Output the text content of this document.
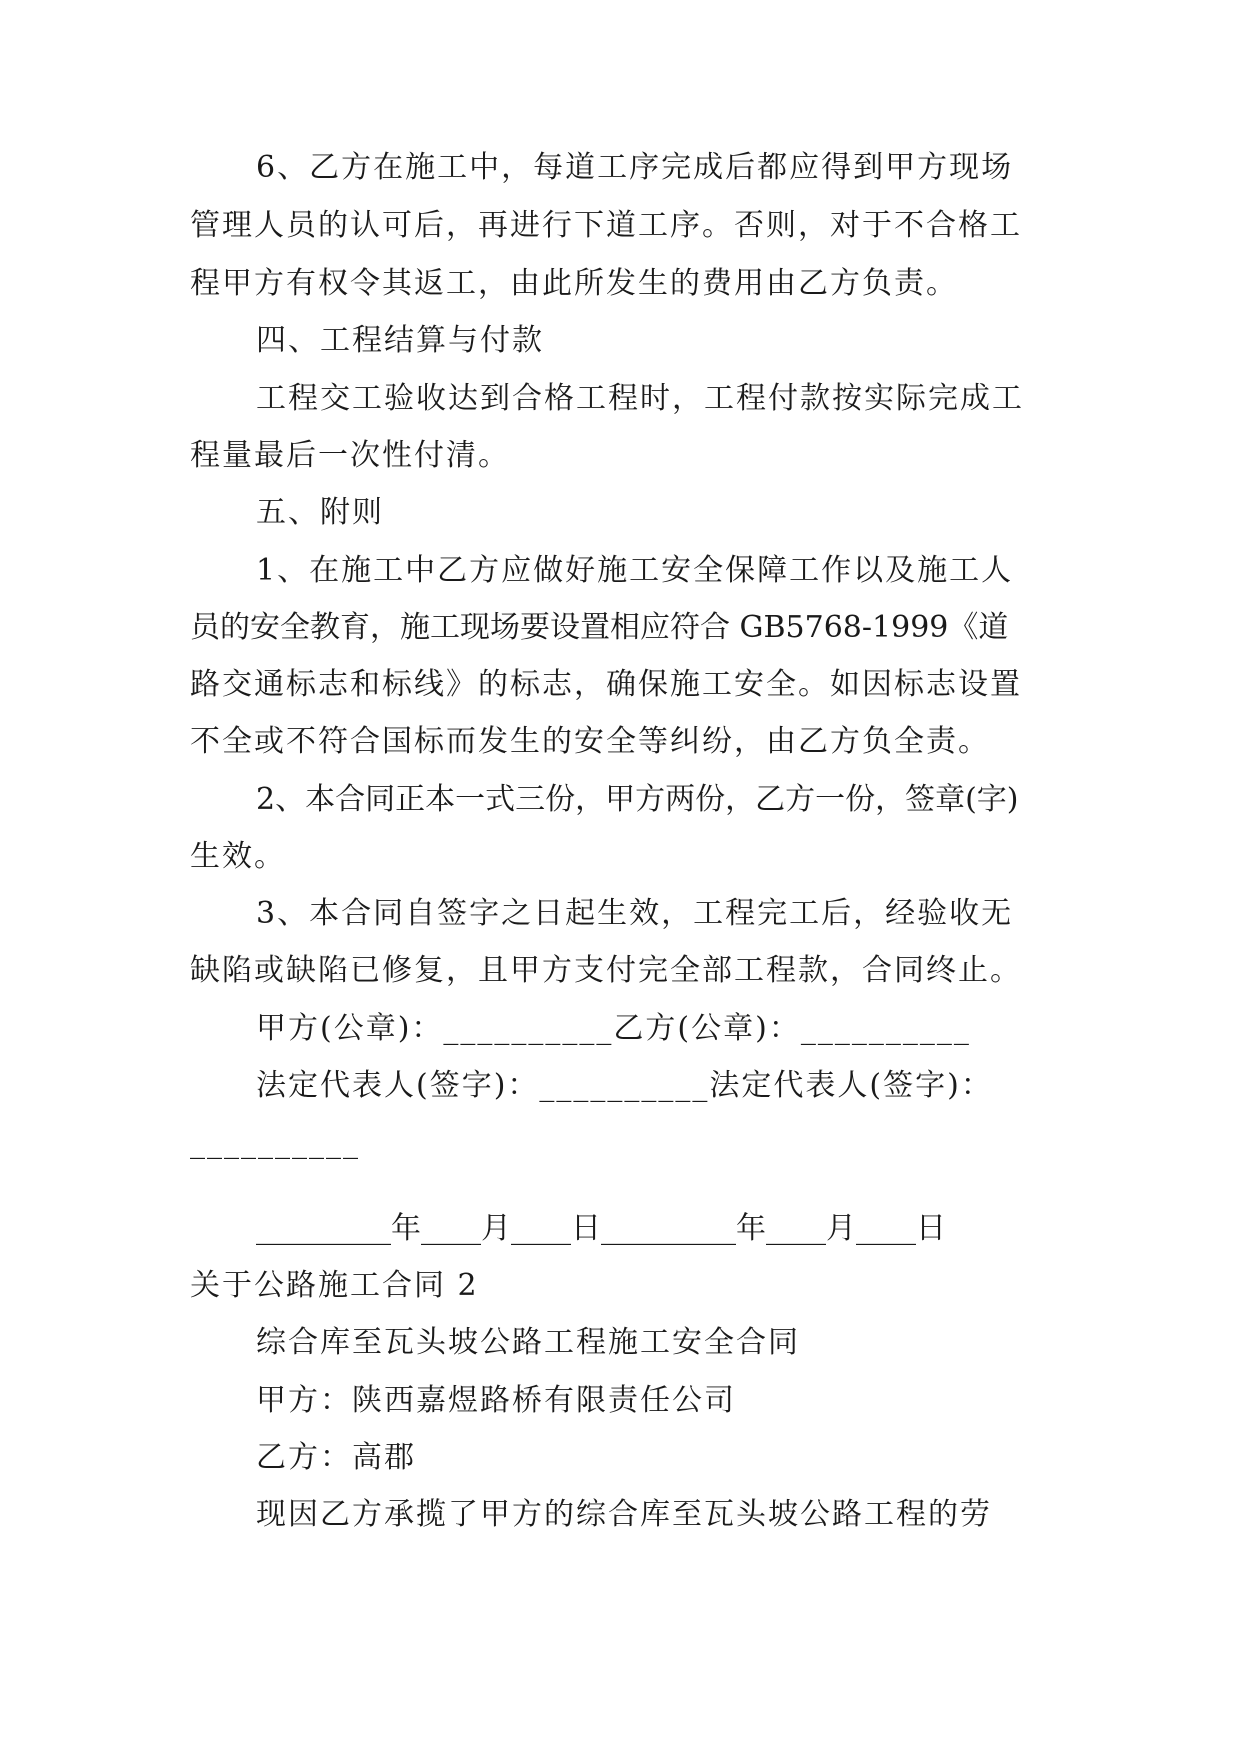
6、乙方在施工中，每道工序完成后都应得到甲方现场
管理人员的认可后，再进行下道工序。否则，对于不合格工
程甲方有权令其返工，由此所发生的费用由乙方负责。
四、工程结算与付款
工程交工验收达到合格工程时，工程付款按实际完成工
程量最后一次性付清。
五、附则
1、在施工中乙方应做好施工安全保障工作以及施工人
员的安全教育，施工现场要设置相应符合 GB5768-1999《道
路交通标志和标线》的标志，确保施工安全。如因标志设置
不全或不符合国标而发生的安全等纠纷，由乙方负全责。
2、本合同正本一式三份，甲方两份，乙方一份，签章(字)
生效。
3、本合同自签字之日起生效，工程完工后，经验收无
缺陷或缺陷已修复，且甲方支付完全部工程款，合同终止。
甲方(公章)：__________乙方(公章)：__________
法定代表人(签字)：__________法定代表人(签字)：
__________
_________年____月____日_________年____月____日
关于公路施工合同 2
综合库至瓦头坡公路工程施工安全合同
甲方：陕西嘉煜路桥有限责任公司
乙方：高郡
现因乙方承揽了甲方的综合库至瓦头坡公路工程的劳
